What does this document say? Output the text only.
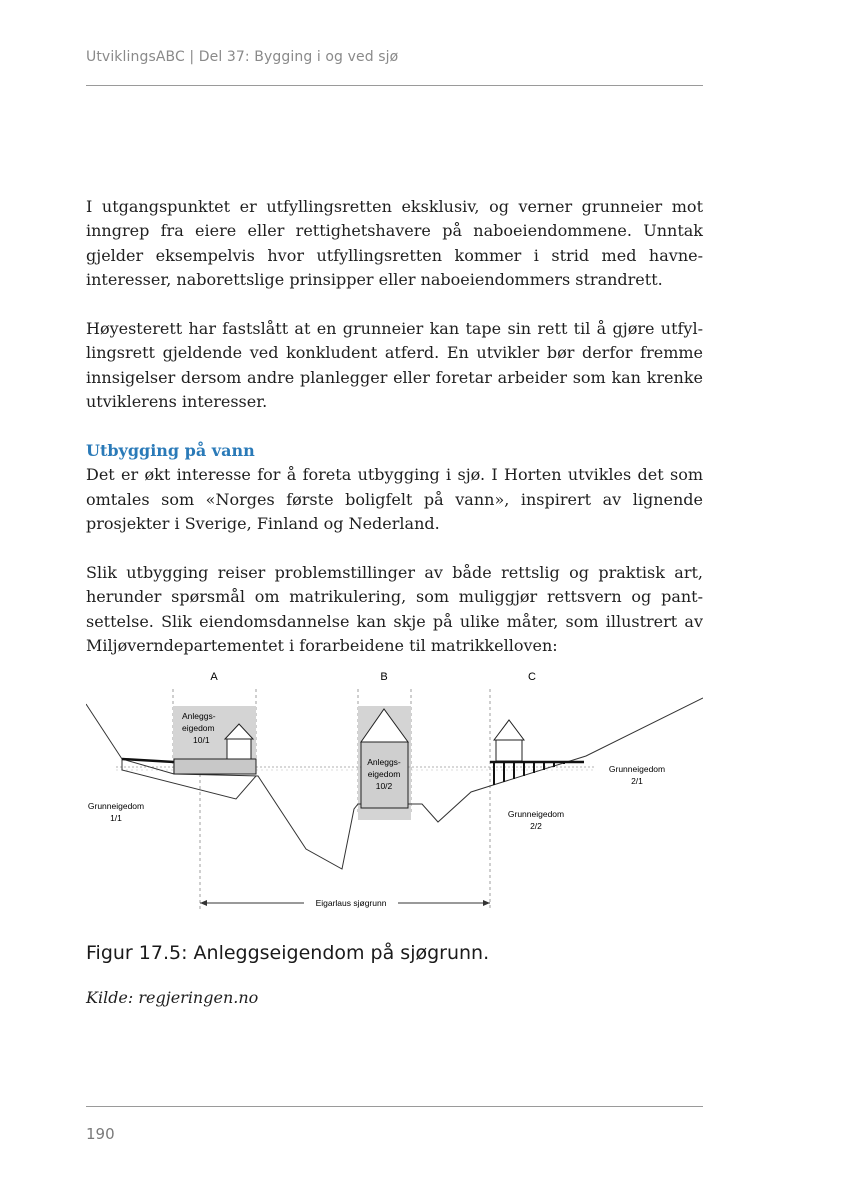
UtviklingsABC | Del 37: Bygging i og ved sjø

I utgangspunktet er utfyllingsretten eksklusiv, og verner grunneier mot inngrep fra eiere eller rettighetshavere på naboeiendommene. Unntak gjelder eksempelvis hvor utfyllingsretten kommer i strid med havne-interesser, naborettslige prinsipper eller naboeiendommers strandrett.

Høyesterett har fastslått at en grunneier kan tape sin rett til å gjøre utfyl-lingsrett gjeldende ved konkludent atferd. En utvikler bør derfor fremme innsigelser dersom andre planlegger eller foretar arbeider som kan krenke utviklerens interesser.

Utbygging på vann

Det er økt interesse for å foreta utbygging i sjø. I Horten utvikles det som omtales som «Norges første boligfelt på vann», inspirert av lignende prosjekter i Sverige, Finland og Nederland.

Slik utbygging reiser problemstillinger av både rettslig og praktisk art, herunder spørsmål om matrikulering, som muliggjør rettsvern og pant-settelse. Slik eiendomsdannelse kan skje på ulike måter, som illustrert av Miljøverndepartementet i forarbeidene til matrikkelloven:

A	B	C
Anleggs-
eigedom
10/1
Anleggs-
eigedom
10/2
Grunneigedom
1/1	Grunneigedom
2/2
Grunneigedom
2/1
Eigarlaus sjøgrunn
Figur 17.5: Anleggseigendom på sjøgrunn.
Kilde: regjeringen.no
190
